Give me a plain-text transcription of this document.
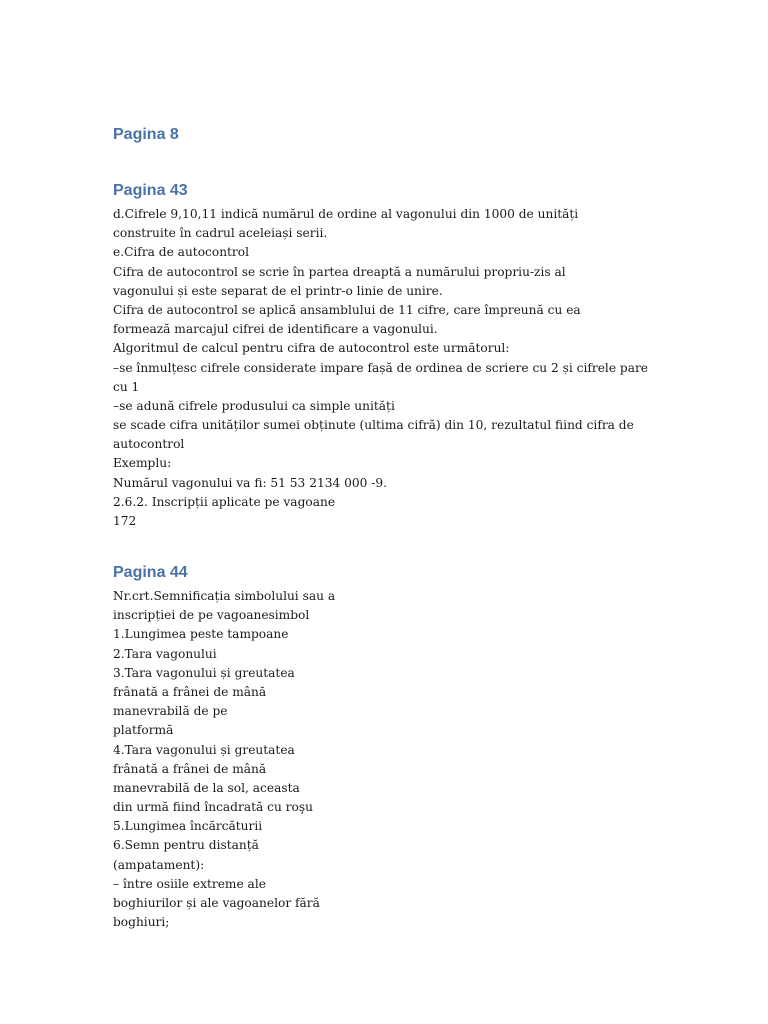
Pagina 8
Pagina 43
d.Cifrele 9,10,11 indică numărul de ordine al vagonului din 1000 de unități
construite în cadrul aceleiași serii.
e.Cifra de autocontrol
Cifra de autocontrol se scrie în partea dreaptă a numărului propriu-zis al
vagonului și este separat de el printr-o linie de unire.
Cifra de autocontrol se aplică ansamblului de 11 cifre, care împreună cu ea
formează marcajul cifrei de identificare a vagonului.
Algoritmul de calcul pentru cifra de autocontrol este următorul:
–se înmulțesc cifrele considerate impare fașă de ordinea de scriere cu 2 și cifrele pare
cu 1
–se adună cifrele produsului ca simple unități
se scade cifra unităților sumei obținute (ultima cifră) din 10, rezultatul fiind cifra de
autocontrol
Exemplu:
Numărul vagonului va fi: 51 53 2134 000 -9.
2.6.2. Inscripții aplicate pe vagoane
172
Pagina 44
Nr.crt.Semnificația simbolului sau a
inscripției de pe vagoanesimbol
1.Lungimea peste tampoane
2.Tara vagonului
3.Tara vagonului și greutatea
frânată a frânei de mână
manevrabilă de pe
platformă
4.Tara vagonului și greutatea
frânată a frânei de mână
manevrabilă de la sol, aceasta
din urmă fiind încadrată cu roşu
5.Lungimea încărcăturii
6.Semn pentru distanță
(ampatament):
– între osiile extreme ale
boghiurilor și ale vagoanelor fără
boghiuri;
